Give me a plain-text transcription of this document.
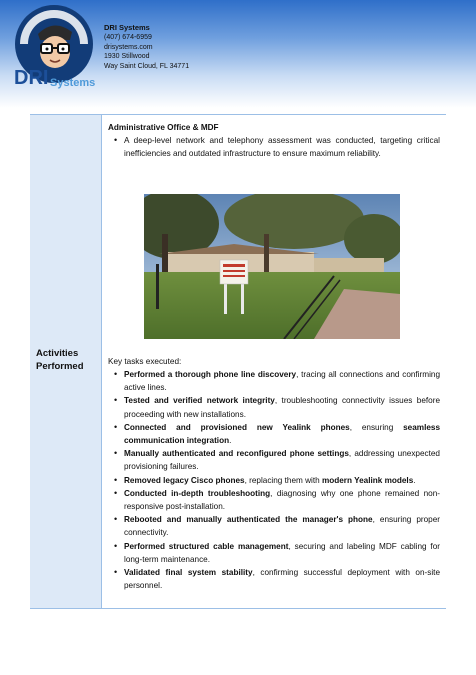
DRI Systems
DRI Systems
(407) 674-6959
drisystems.com
1930 Stillwood
Way Saint Cloud, FL 34771
Activities
Performed
Administrative Office & MDF
• A deep-level network and telephony assessment was conducted, targeting critical inefficiencies and outdated infrastructure to ensure maximum reliability.
Key tasks executed:
• Performed a thorough phone line discovery, tracing all connections and confirming active lines.
• Tested and verified network integrity, troubleshooting connectivity issues before proceeding with new installations.
• Connected and provisioned new Yealink phones, ensuring seamless communication integration.
• Manually authenticated and reconfigured phone settings, addressing unexpected provisioning failures.
• Removed legacy Cisco phones, replacing them with modern Yealink models.
• Conducted in-depth troubleshooting, diagnosing why one phone remained non-responsive post-installation.
• Rebooted and manually authenticated the manager's phone, ensuring proper connectivity.
• Performed structured cable management, securing and labeling MDF cabling for long-term maintenance.
• Validated final system stability, confirming successful deployment with on-site personnel.
